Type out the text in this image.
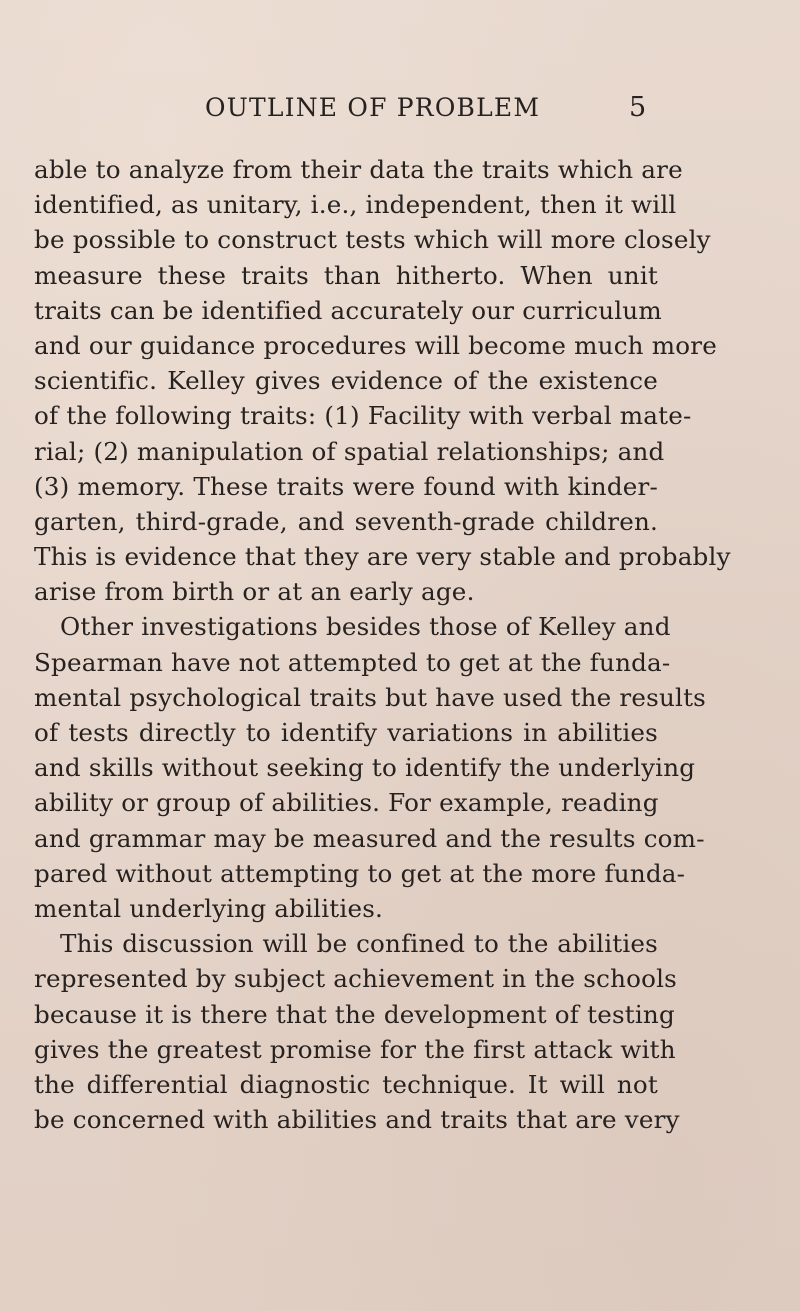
OUTLINE OF PROBLEM	5
able to analyze from their data the traits which are
identified, as unitary, i.e., independent, then it will
be possible to construct tests which will more closely
measure these traits than hitherto. When unit
traits can be identified accurately our curriculum
and our guidance procedures will become much more
scientific. Kelley gives evidence of the existence
of the following traits: (1) Facility with verbal mate-
rial; (2) manipulation of spatial relationships; and
(3) memory. These traits were found with kinder-
garten, third-grade, and seventh-grade children.
This is evidence that they are very stable and probably
arise from birth or at an early age.
Other investigations besides those of Kelley and
Spearman have not attempted to get at the funda-
mental psychological traits but have used the results
of tests directly to identify variations in abilities
and skills without seeking to identify the underlying
ability or group of abilities. For example, reading
and grammar may be measured and the results com-
pared without attempting to get at the more funda-
mental underlying abilities.
This discussion will be confined to the abilities
represented by subject achievement in the schools
because it is there that the development of testing
gives the greatest promise for the first attack with
the differential diagnostic technique. It will not
be concerned with abilities and traits that are very
